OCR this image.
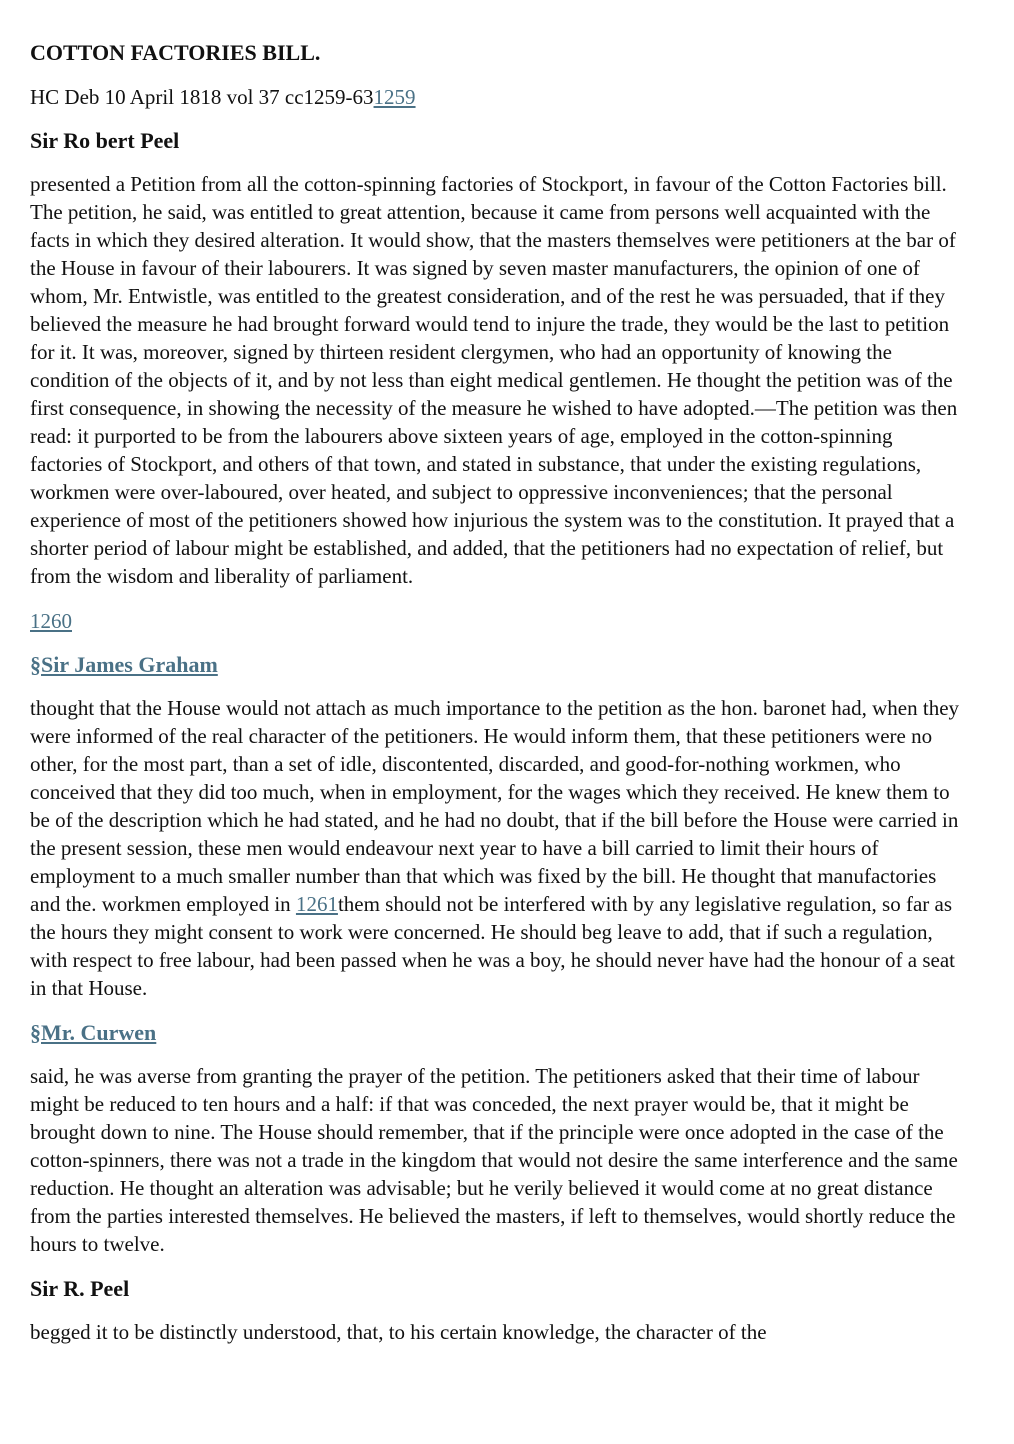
COTTON FACTORIES BILL.
HC Deb 10 April 1818 vol 37 cc1259-631259
Sir Ro bert Peel
presented a Petition from all the cotton-spinning factories of Stockport, in favour of the Cotton Factories bill. The petition, he said, was entitled to great attention, because it came from persons well acquainted with the facts in which they desired alteration. It would show, that the masters themselves were petitioners at the bar of the House in favour of their labourers. It was signed by seven master manufacturers, the opinion of one of whom, Mr. Entwistle, was entitled to the greatest consideration, and of the rest he was persuaded, that if they believed the measure he had brought forward would tend to injure the trade, they would be the last to petition for it. It was, moreover, signed by thirteen resident clergymen, who had an opportunity of knowing the condition of the objects of it, and by not less than eight medical gentlemen. He thought the petition was of the first consequence, in showing the necessity of the measure he wished to have adopted.—The petition was then read: it purported to be from the labourers above sixteen years of age, employed in the cotton-spinning factories of Stockport, and others of that town, and stated in substance, that under the existing regulations, workmen were over-laboured, over heated, and subject to oppressive inconveniences; that the personal experience of most of the petitioners showed how injurious the system was to the constitution. It prayed that a shorter period of labour might be established, and added, that the petitioners had no expectation of relief, but from the wisdom and liberality of parliament.
1260
§Sir James Graham
thought that the House would not attach as much importance to the petition as the hon. baronet had, when they were informed of the real character of the petitioners. He would inform them, that these petitioners were no other, for the most part, than a set of idle, discontented, discarded, and good-for-nothing workmen, who conceived that they did too much, when in employment, for the wages which they received. He knew them to be of the description which he had stated, and he had no doubt, that if the bill before the House were carried in the present session, these men would endeavour next year to have a bill carried to limit their hours of employment to a much smaller number than that which was fixed by the bill. He thought that manufactories and the. workmen employed in 1261them should not be interfered with by any legislative regulation, so far as the hours they might consent to work were concerned. He should beg leave to add, that if such a regulation, with respect to free labour, had been passed when he was a boy, he should never have had the honour of a seat in that House.
§Mr. Curwen
said, he was averse from granting the prayer of the petition. The petitioners asked that their time of labour might be reduced to ten hours and a half: if that was conceded, the next prayer would be, that it might be brought down to nine. The House should remember, that if the principle were once adopted in the case of the cotton-spinners, there was not a trade in the kingdom that would not desire the same interference and the same reduction. He thought an alteration was advisable; but he verily believed it would come at no great distance from the parties interested themselves. He believed the masters, if left to themselves, would shortly reduce the hours to twelve.
Sir R. Peel
begged it to be distinctly understood, that, to his certain knowledge, the character of the
